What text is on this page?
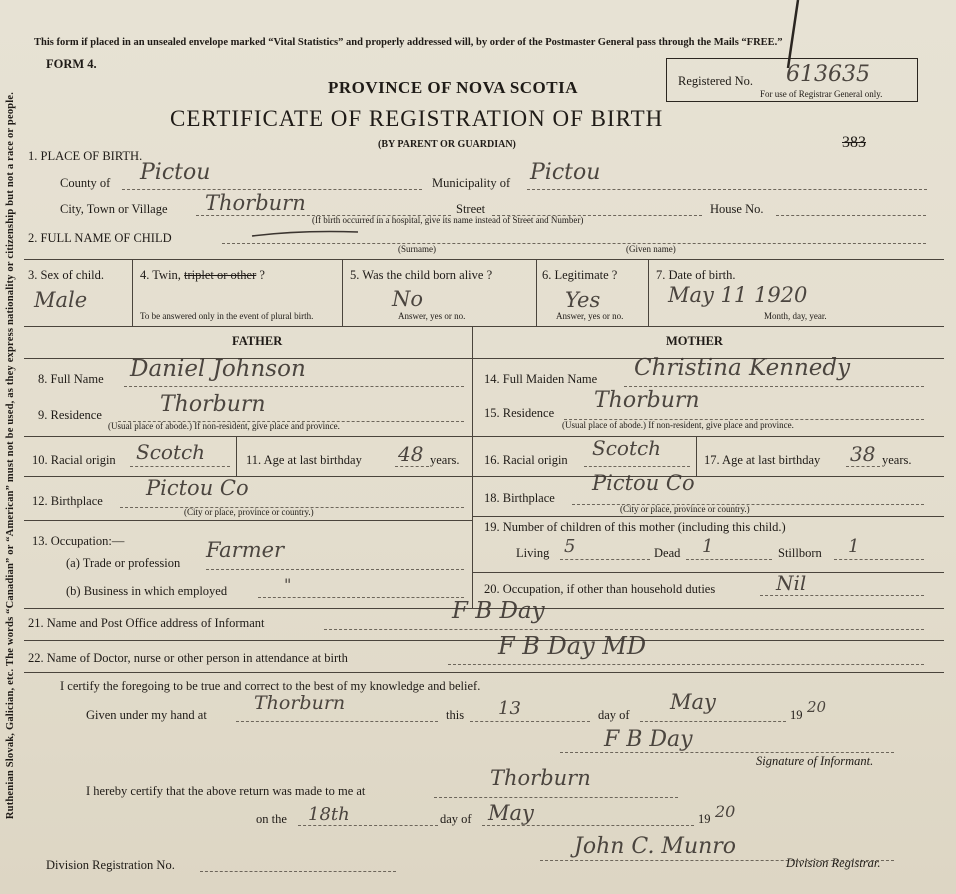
Ruthenian Slovak, Galician, etc. The words “Canadian” or “American” must not be used, as they express nationality or citizenship but not a race or people.
This form if placed in an unsealed envelope marked “Vital Statistics” and properly addressed will, by order of the Postmaster General pass through the Mails “FREE.”
FORM 4.
PROVINCE OF NOVA SCOTIA
CERTIFICATE OF REGISTRATION OF BIRTH
(BY PARENT OR GUARDIAN)	383
Registered No. 613635
For use of Registrar General only.
1. PLACE OF BIRTH.
County of Pictou	Municipality of Pictou
City, Town or Village Thorburn	Street	House No.
(If birth occurred in a hospital, give its name instead of Street and Number)
2. FULL NAME OF CHILD
(Surname)	(Given name)
3. Sex of child.
Male
4. Twin, triplet or other ?
To be answered only in the event of plural birth.
5. Was the child born alive ?
No
Answer, yes or no.
6. Legitimate ?
Yes
Answer, yes or no.
7. Date of birth.
May 11 1920
Month, day, year.
FATHER	MOTHER
8. Full Name Daniel Johnson
9. Residence	Thorburn
(Usual place of abode.) If non-resident, give place and province.
10. Racial origin Scotch	11. Age at last birthday 48 years.
12. Birthplace
Pictou Co
(City or place, province or country.)
13. Occupation:—
(a) Trade or profession
Farmer
(b) Business in which employed	"
14. Full Maiden Name Christina Kennedy
15. Residence Thorburn
(Usual place of abode.) If non-resident, give place and province.
16. Racial origin Scotch	17. Age at last birthday 38 years.
18. Birthplace
Pictou Co
(City or place, province or country.)
19. Number of children of this mother (including this child.)
Living 5	Dead 1	Stillborn 1
20. Occupation, if other than household duties	Nil
21. Name and Post Office address of Informant	F B Day
22. Name of Doctor, nurse or other person in attendance at birth	F B Day MD
I certify the foregoing to be true and correct to the best of my knowledge and belief.
Given under my hand at
Thorburn
this 13	day of
May
19 20
F B Day
Signature of Informant.
I hereby certify that the above return was made to me at
Thorburn
on the 18th	day of May	19 20
Division Registration No.
John C. Munro
Division Registrar.
